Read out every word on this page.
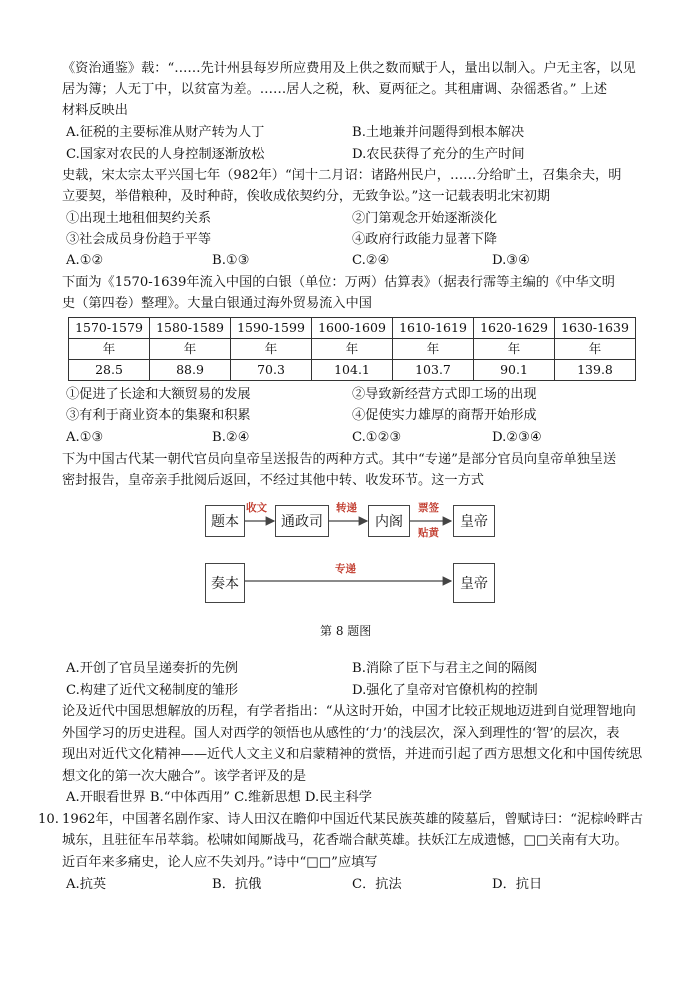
《资治通鉴》载：“……先计州县每岁所应费用及上供之数而赋于人，量出以制入。户无主客，以见
居为簿；人无丁中，以贫富为差。……居人之税，秋、夏两征之。其租庸调、杂徭悉省。” 上述
材料反映出
A.征税的主要标准从财产转为人丁	B.土地兼并问题得到根本解决
C.国家对农民的人身控制逐渐放松	D.农民获得了充分的生产时间
史载，宋太宗太平兴国七年（982年）“闰十二月诏：诸路州民户，……分给旷土，召集余夫，明
立要契，举借粮种，及时种莳，俟收成依契约分，无致争讼。”这一记载表明北宋初期
①出现土地租佃契约关系	②门第观念开始逐渐淡化
③社会成员身份趋于平等	④政府行政能力显著下降
A.①②	B.①③	C.②④	D.③④
下面为《1570-1639年流入中国的白银（单位：万两）估算表》（据表行霈等主编的《中华文明
史（第四卷）整理》。大量白银通过海外贸易流入中国
1570-1579	1580-1589	1590-1599	1600-1609	1610-1619	1620-1629	1630-1639
年	年	年	年	年	年	年
28.5	88.9	70.3	104.1	103.7	90.1	139.8
①促进了长途和大额贸易的发展	②导致新经营方式即工场的出现
③有利于商业资本的集聚和积累	④促使实力雄厚的商帮开始形成
A.①③	B.②④	C.①②③	D.②③④
下为中国古代某一朝代官员向皇帝呈送报告的两种方式。其中“专递”是部分官员向皇帝单独呈送
密封报告，皇帝亲手批阅后返回，不经过其他中转、收发环节。这一方式
题本	通政司	内阁	皇帝
奏本	皇帝
收文	转递	票签
贴黄
专递
第 8 题图
A.开创了官员呈递奏折的先例	B.消除了臣下与君主之间的隔阂
C.构建了近代文秘制度的雏形	D.强化了皇帝对官僚机构的控制
论及近代中国思想解放的历程，有学者指出：“从这时开始，中国才比较正规地迈进到自觉理智地向
外国学习的历史进程。国人对西学的领悟也从感性的‘力’的浅层次，深入到理性的‘智’的层次，表
现出对近代文化精神——近代人文主义和启蒙精神的赏悟，并进而引起了西方思想文化和中国传统思
想文化的第一次大融合”。该学者评及的是
A.开眼看世界 B.“中体西用” C.维新思想 D.民主科学
10. 1962年，中国著名剧作家、诗人田汉在瞻仰中国近代某民族英雄的陵墓后，曾赋诗曰：“泥棕岭畔古
城东，且驻征车吊萃翁。松啸如闻厮战马，花香端合献英雄。扶妖江左成遗憾，□□关南有大功。
近百年来多痛史，论人应不失刘丹。”诗中“□□”应填写
A.抗英	B．抗俄	C．抗法	D．抗日
